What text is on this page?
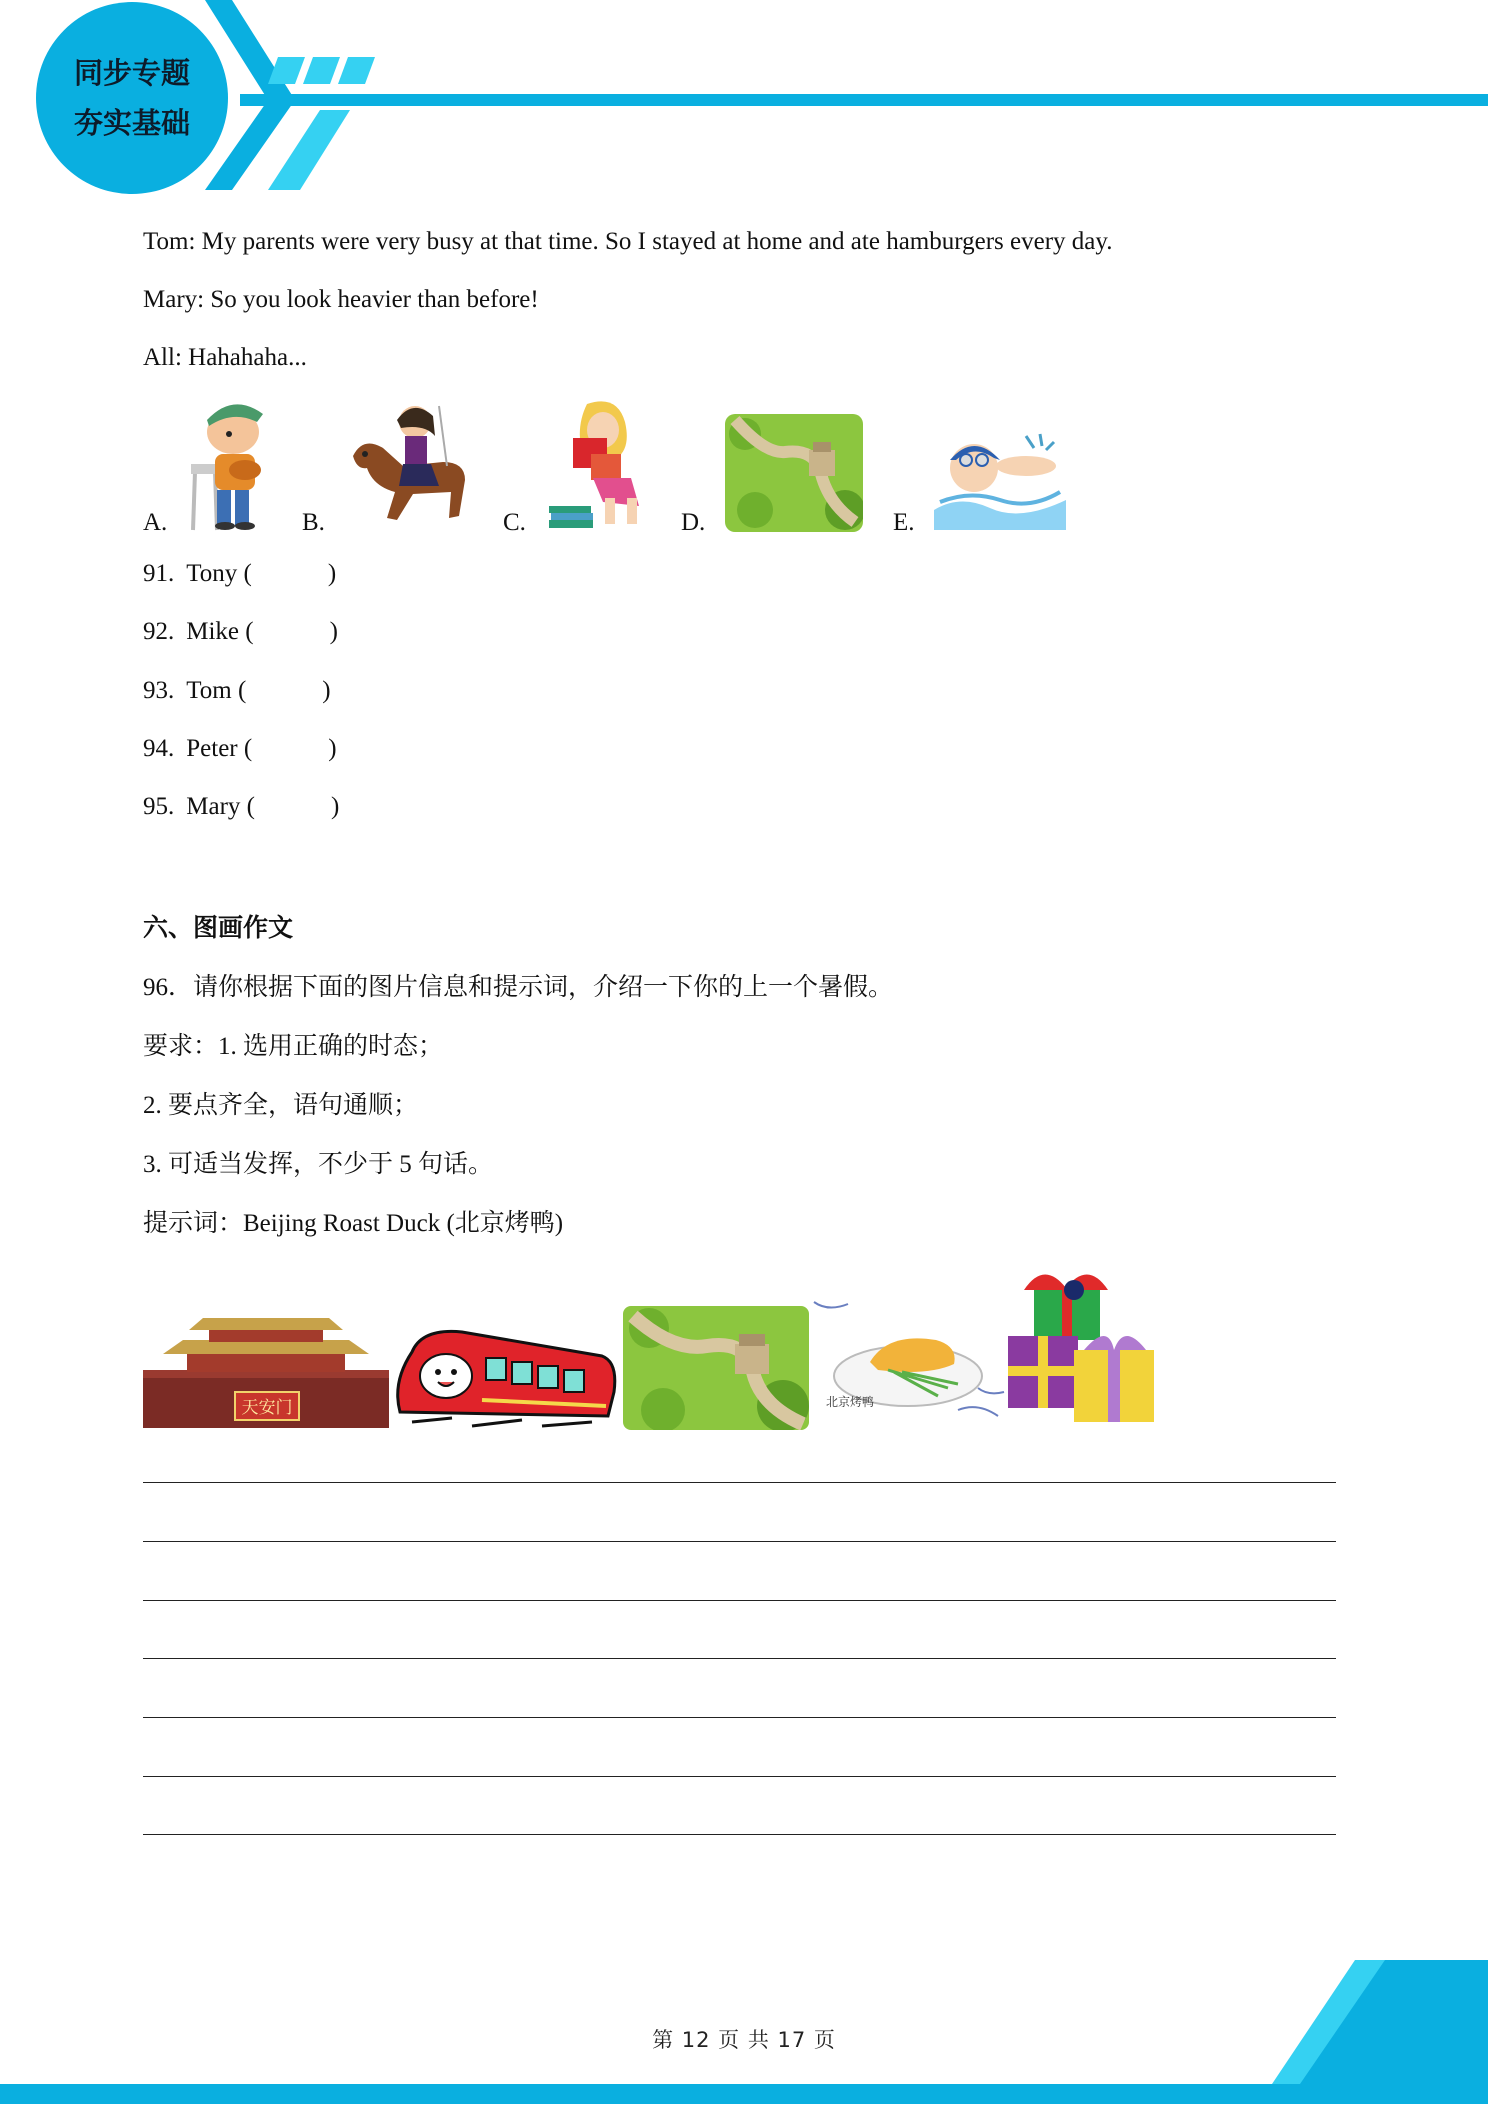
同步专题
夯实基础
Tom: My parents were very busy at that time. So I stayed at home and ate hamburgers every day.
Mary: So you look heavier than before!
All: Hahahaha...
A.	B.	C.	D.	E.
91. Tony (	)
92. Mike (	)
93. Tom (	)
94. Peter (	)
95. Mary (	)
六、图画作文
96．请你根据下面的图片信息和提示词，介绍一下你的上一个暑假。
要求：1. 选用正确的时态；
2. 要点齐全，语句通顺；
3. 可适当发挥，不少于 5 句话。
提示词：Beijing Roast Duck (北京烤鸭)
天安门	北京烤鸭
第 12 页 共 17 页
